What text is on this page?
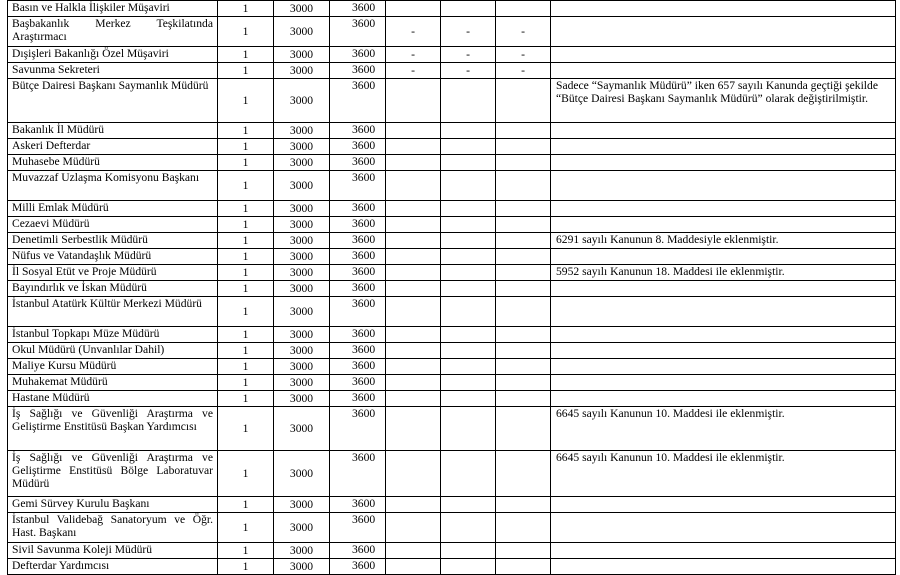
Basın ve Halkla İlişkiler Müşaviri	1	3000	3600				
Başbakanlık Merkez Teşkilatında Araştırmacı	1	3000	3600	-	-	-	
Dışişleri Bakanlığı Özel Müşaviri	1	3000	3600	-	-	-	
Savunma Sekreteri	1	3000	3600	-	-	-	
Bütçe Dairesi Başkanı Saymanlık Müdürü	1	3000	3600				Sadece “Saymanlık Müdürü” iken 657 sayılı Kanunda geçtiği şekilde “Bütçe Dairesi Başkanı Saymanlık Müdürü” olarak değiştirilmiştir.
Bakanlık İl Müdürü	1	3000	3600				
Askeri Defterdar	1	3000	3600				
Muhasebe Müdürü	1	3000	3600				
Muvazzaf Uzlaşma Komisyonu Başkanı	1	3000	3600				
Milli Emlak Müdürü	1	3000	3600				
Cezaevi Müdürü	1	3000	3600				
Denetimli Serbestlik Müdürü	1	3000	3600				6291 sayılı Kanunun 8. Maddesiyle eklenmiştir.
Nüfus ve Vatandaşlık Müdürü	1	3000	3600				
İl Sosyal Etüt ve Proje Müdürü	1	3000	3600				5952 sayılı Kanunun 18. Maddesi ile eklenmiştir.
Bayındırlık ve İskan Müdürü	1	3000	3600				
İstanbul Atatürk Kültür Merkezi Müdürü	1	3000	3600				
İstanbul Topkapı Müze Müdürü	1	3000	3600				
Okul Müdürü (Unvanlılar Dahil)	1	3000	3600				
Maliye Kursu Müdürü	1	3000	3600				
Muhakemat Müdürü	1	3000	3600				
Hastane Müdürü	1	3000	3600				
İş Sağlığı ve Güvenliği Araştırma ve Geliştirme Enstitüsü Başkan Yardımcısı	1	3000	3600				6645 sayılı Kanunun 10. Maddesi ile eklenmiştir.
İş Sağlığı ve Güvenliği Araştırma ve Geliştirme Enstitüsü Bölge Laboratuvar Müdürü	1	3000	3600				6645 sayılı Kanunun 10. Maddesi ile eklenmiştir.
Gemi Sürvey Kurulu Başkanı	1	3000	3600				
İstanbul Validebağ Sanatoryum ve Öğr. Hast. Başkanı	1	3000	3600				
Sivil Savunma Koleji Müdürü	1	3000	3600				
Defterdar Yardımcısı	1	3000	3600				
